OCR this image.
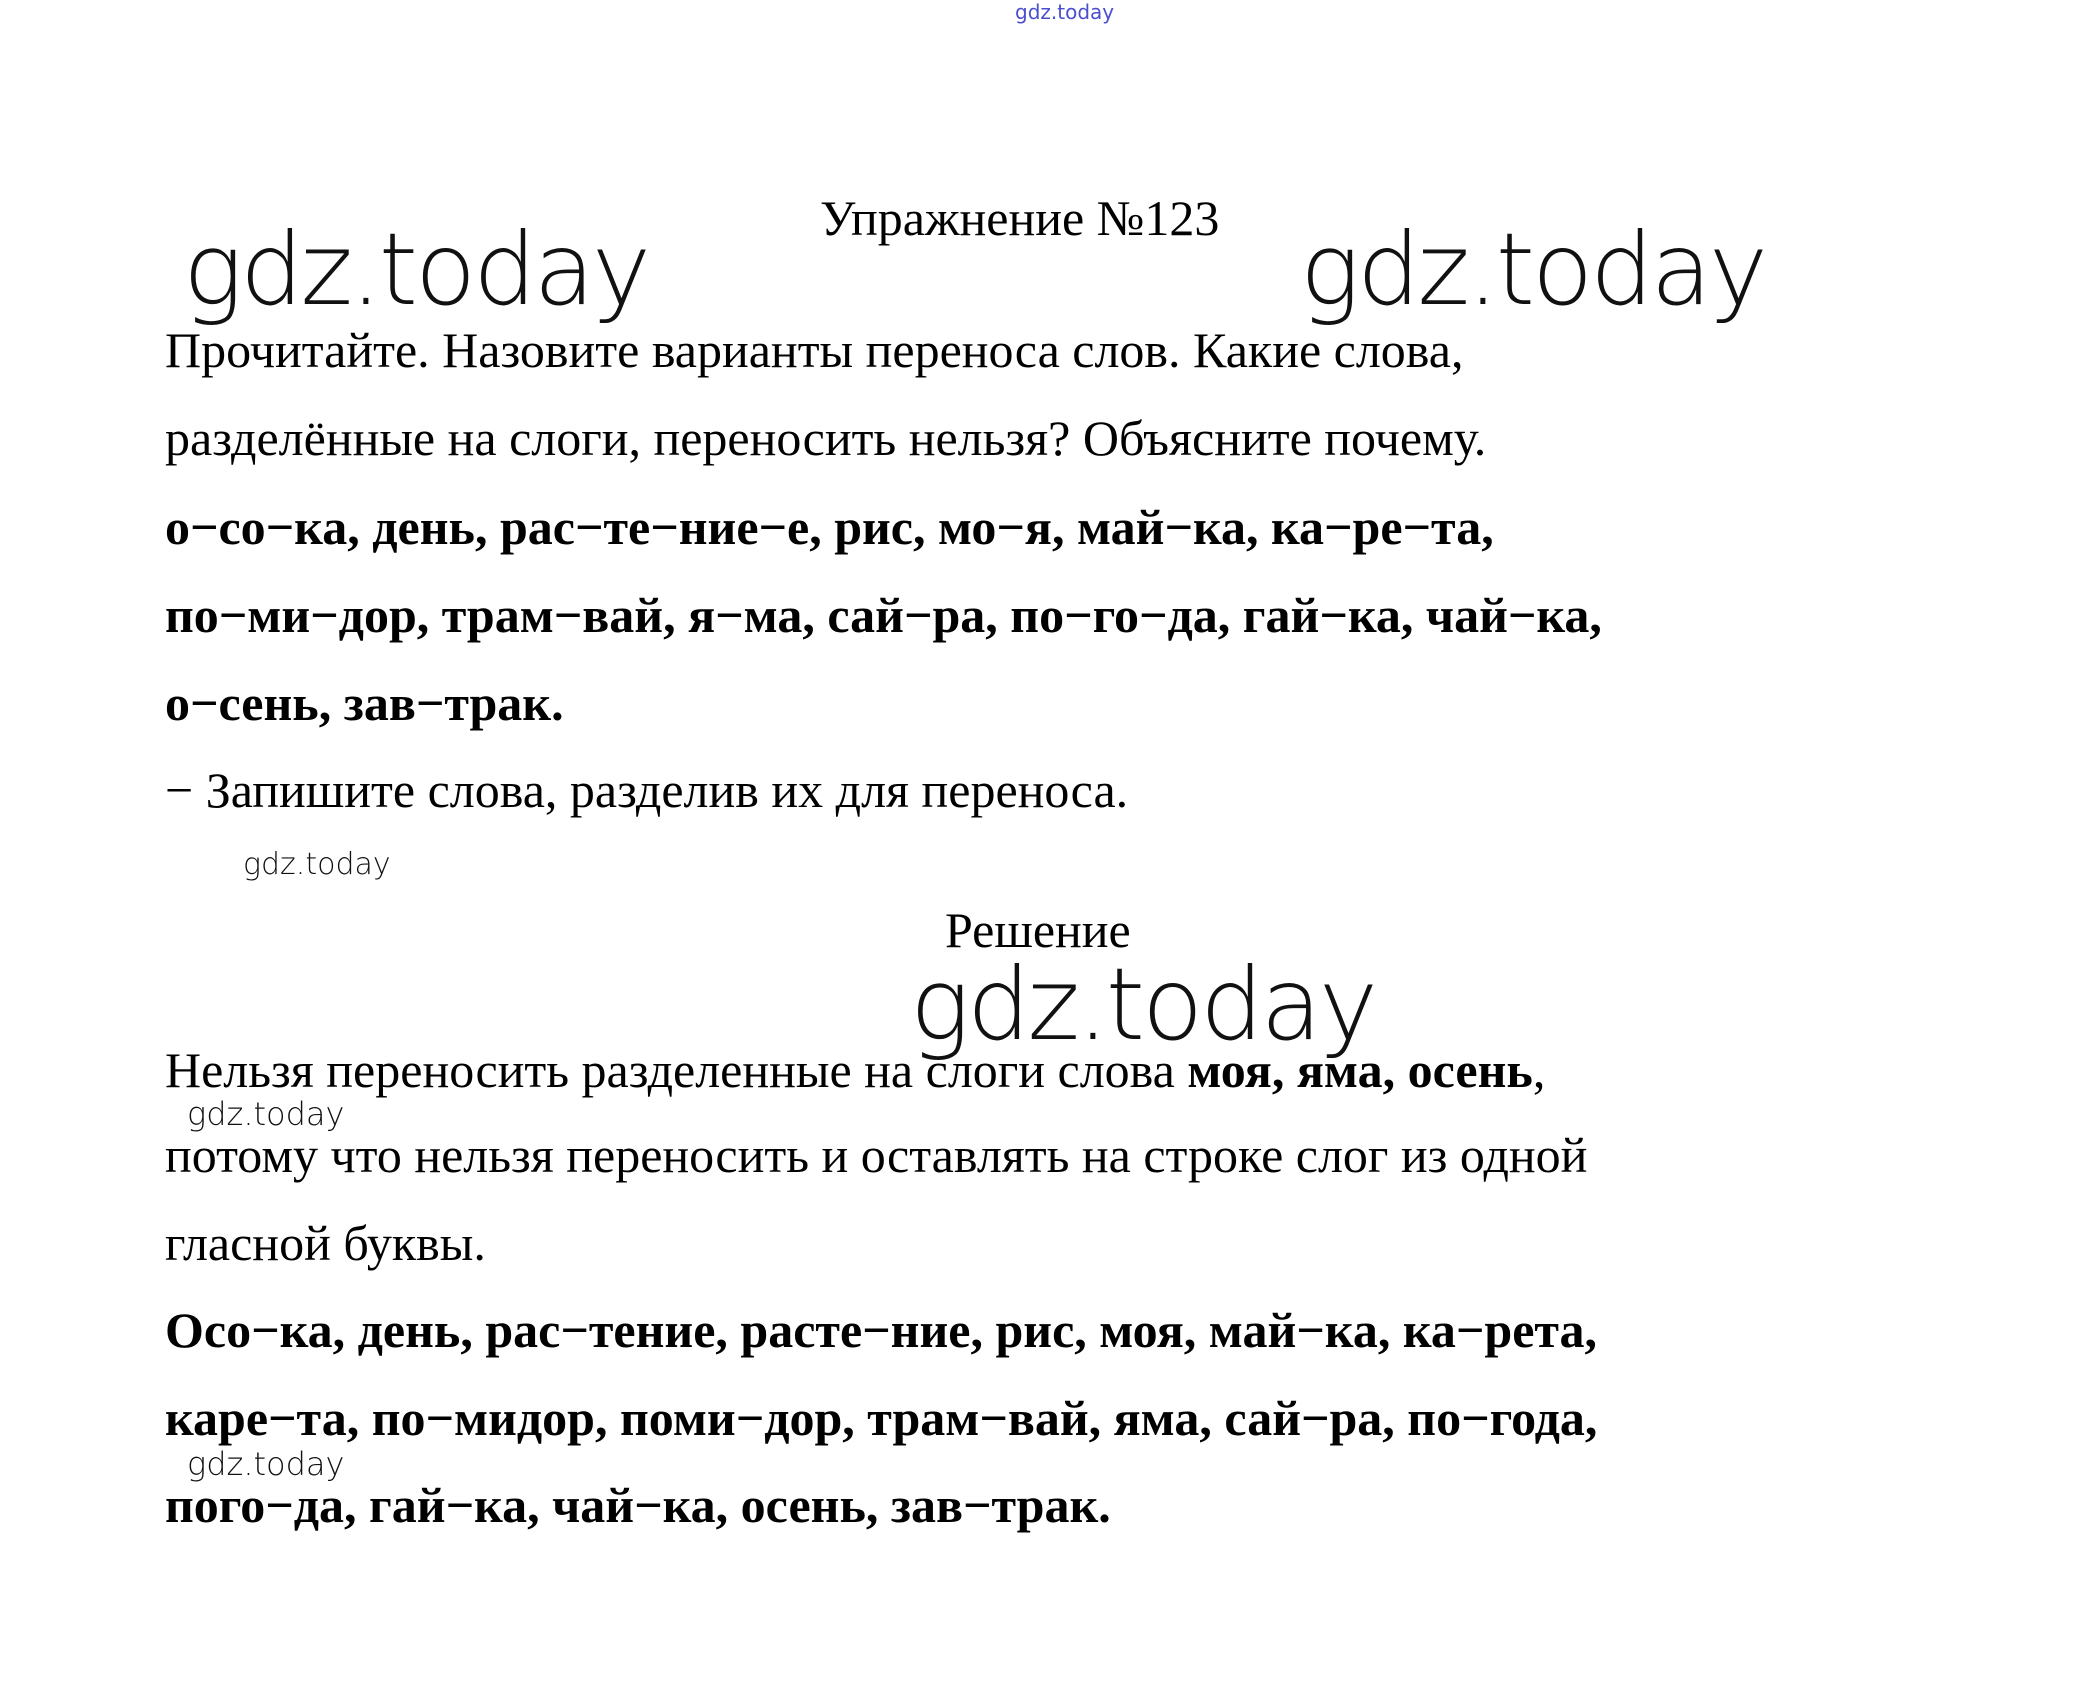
gdz.today
Упражнение №123
gdz.today	gdz.today
Прочитайте. Назовите варианты переноса слов. Какие слова,
разделённые на слоги, переносить нельзя? Объясните почему.
о−со−ка, день, рас−те−ние−е, рис, мо−я, май−ка, ка−ре−та,
по−ми−дор, трам−вай, я−ма, сай−ра, по−го−да, гай−ка, чай−ка,
о−сень, зав−трак.
− Запишите слова, разделив их для переноса.
gdz.today
Решение
gdz.today
Нельзя переносить разделенные на слоги слова моя, яма, осень,
gdz.today
потому что нельзя переносить и оставлять на строке слог из одной
гласной буквы.
Осо−ка, день, рас−тение, расте−ние, рис, моя, май−ка, ка−рета,
каре−та, по−мидор, поми−дор, трам−вай, яма, сай−ра, по−года,
gdz.today
пого−да, гай−ка, чай−ка, осень, зав−трак.
